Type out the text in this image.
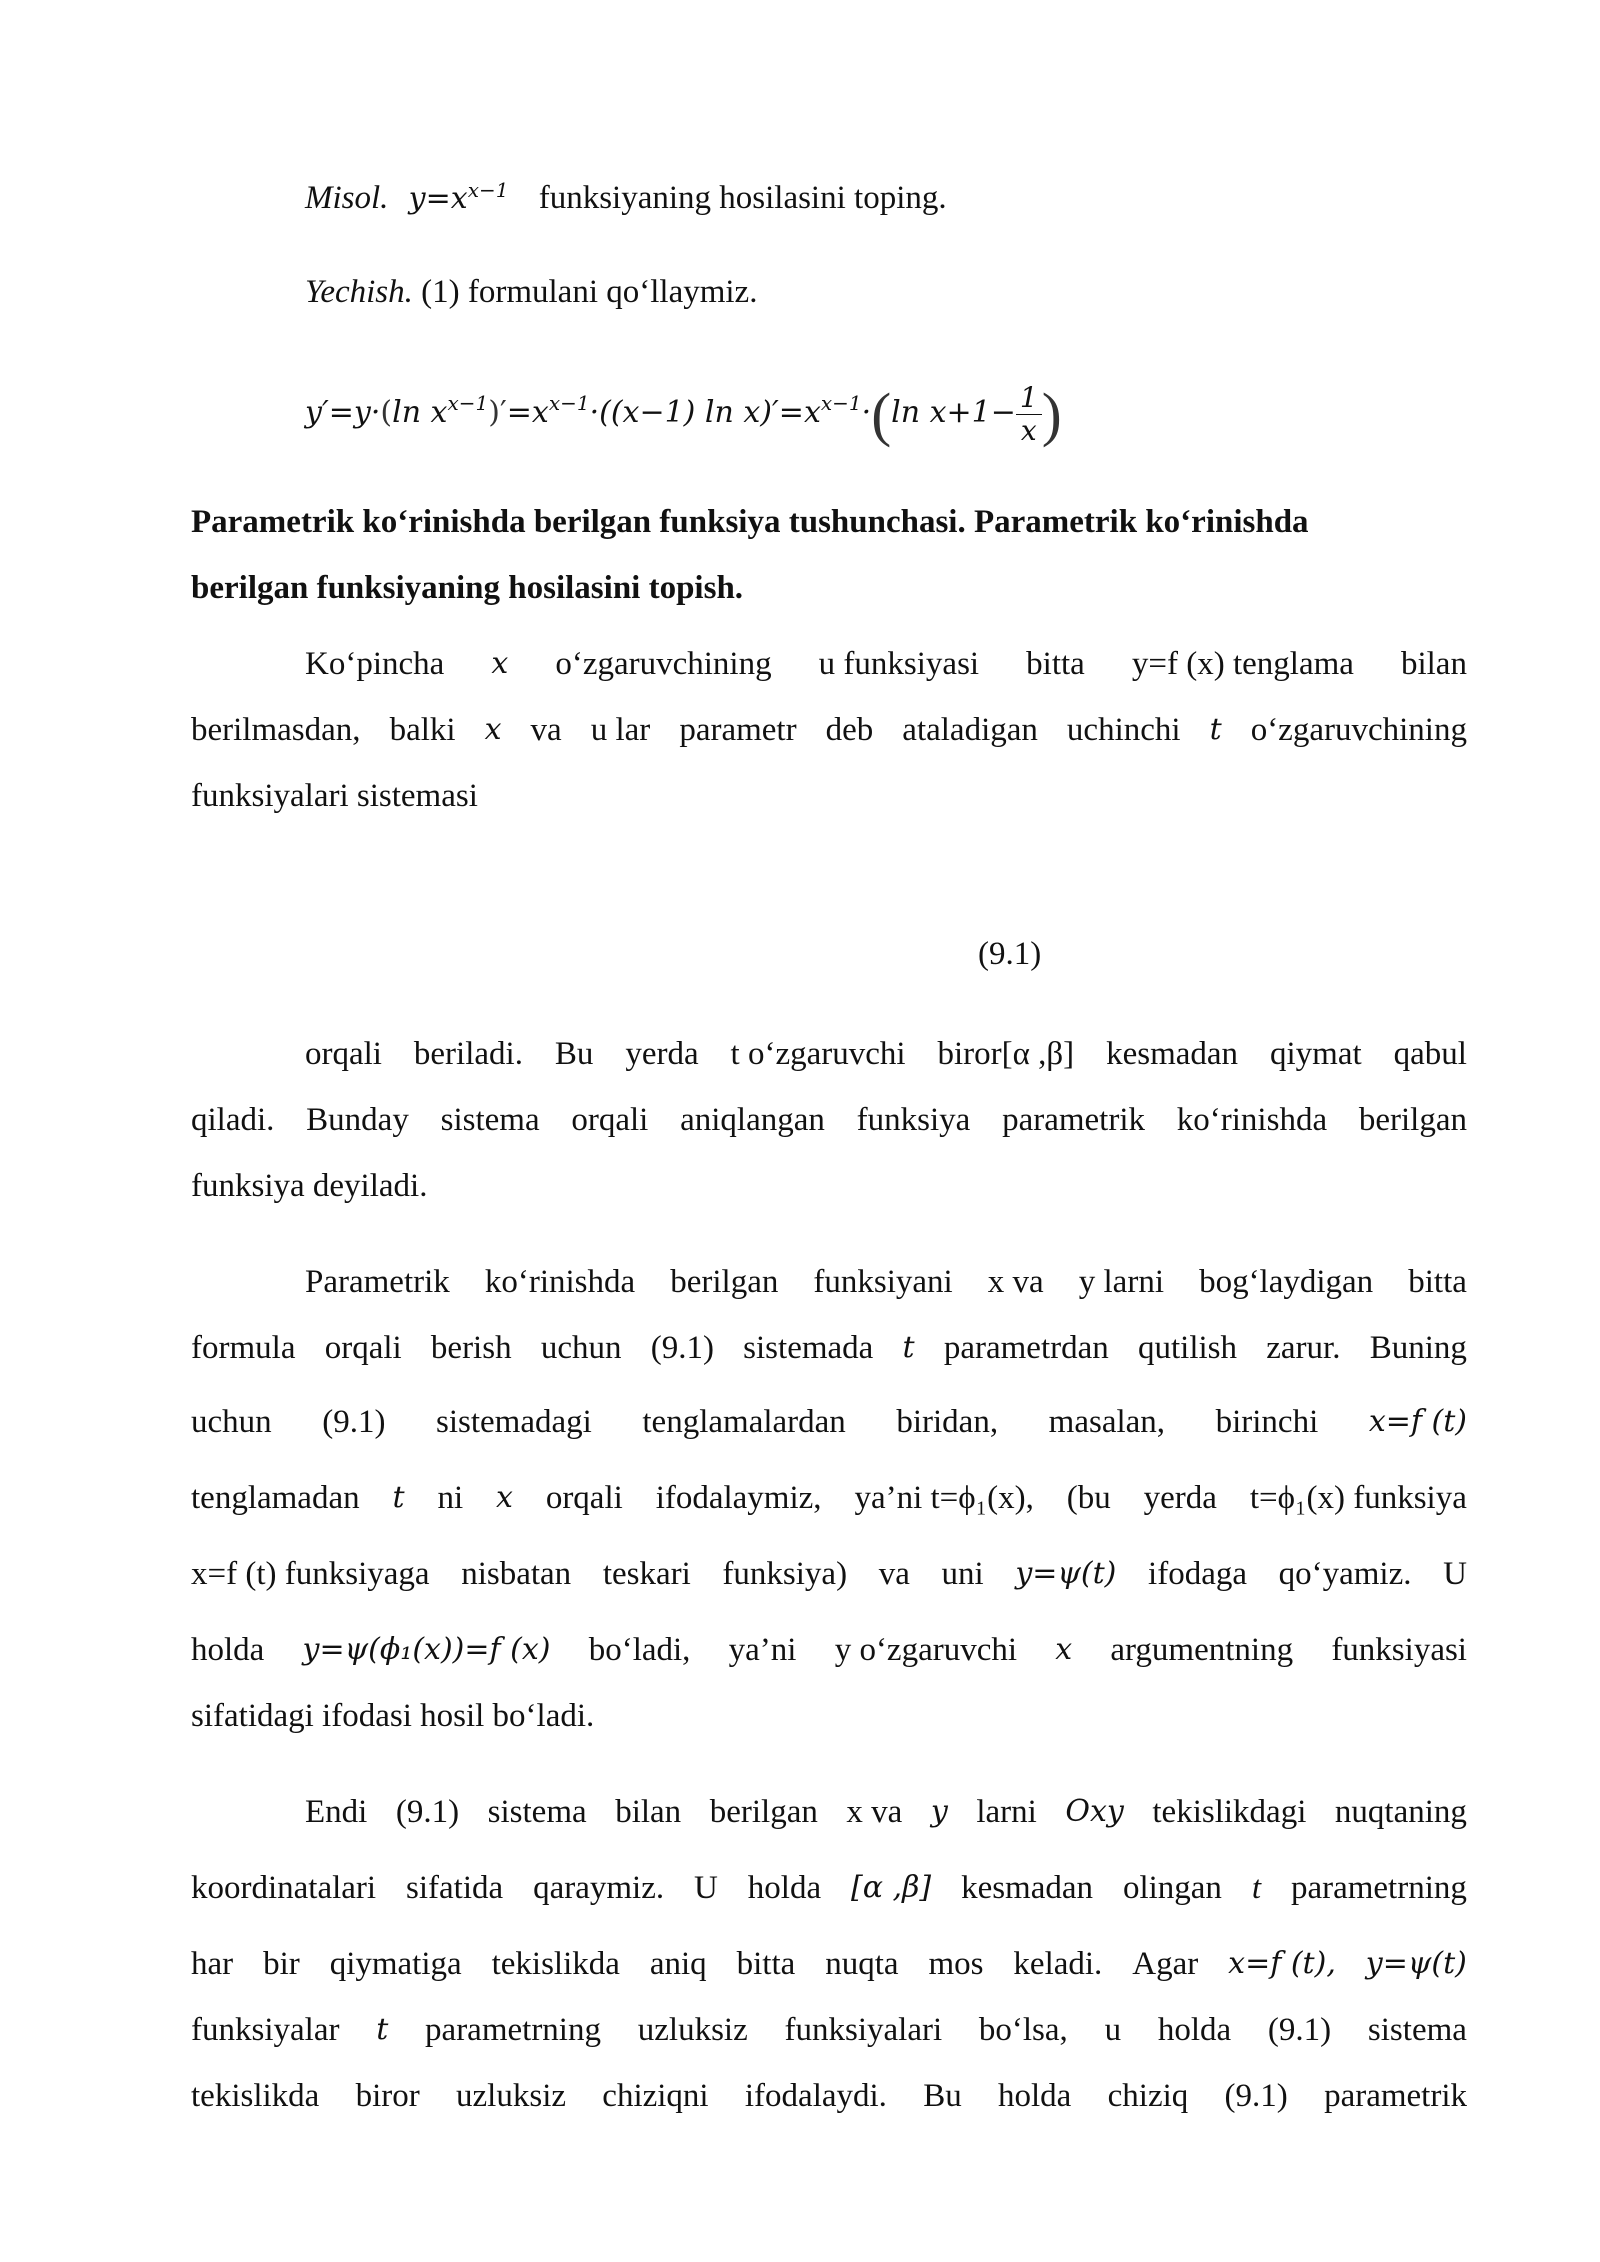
Misol. $y=x^{x-1}$ funksiyaning hosilasini toping.
Yechish. (1) formulani qo‘llaymiz.
y′=y·(ln $x^{x-1})'=x^{x-1}\cdot((x-1)$ $\ln x)'=x^{x-1}\cdot(\ln$ $x+1- \frac{1}{x}$ )
Parametrik ko‘rinishda berilgan funksiya tushunchasi. Parametrik ko‘rinishda
berilgan funksiyaning hosilasini topish.
Ko‘pincha x o‘zgaruvchining u funksiyasi bitta y=f (x) tenglama bilan
berilmasdan, balki x va u lar parametr deb ataladigan uchinchi t o‘zgaruvchining
funksiyalari sistemasi
(9.1)
orqali beriladi. Bu yerda t o‘zgaruvchi biror[α ,β] kesmadan qiymat qabul
qiladi. Bunday sistema orqali aniqlangan funksiya parametrik ko‘rinishda berilgan
funksiya deyiladi.
Parametrik ko‘rinishda berilgan funksiyani x va y larni bog‘laydigan bitta
formula orqali berish uchun (9.1) sistemada t parametrdan qutilish zarur. Buning
uchun (9.1) sistemadagi tenglamalardan biridan, masalan, birinchi x=f (t)
tenglamadan t ni x orqali ifodalaymiz, ya’ni t=ϕ₁(x), (bu yerda t=ϕ₁(x) funksiya
x=f (t) funksiyaga nisbatan teskari funksiya) va uni y=ψ(t) ifodaga qo‘yamiz. U
holda y=ψ(ϕ₁(x))=f (x) bo‘ladi, ya’ni y o‘zgaruvchi x argumentning funksiyasi
sifatidagi ifodasi hosil bo‘ladi.
Endi (9.1) sistema bilan berilgan x va y larni Oxy tekislikdagi nuqtaning
koordinatalari sifatida qaraymiz. U holda [α ,β] kesmadan olingan t parametrning
har bir qiymatiga tekislikda aniq bitta nuqta mos keladi. Agar x=f (t), y=ψ(t)
funksiyalar t parametrning uzluksiz funksiyalari bo‘lsa, u holda (9.1) sistema
tekislikda biror uzluksiz chiziqni ifodalaydi. Bu holda chiziq (9.1) parametrik
